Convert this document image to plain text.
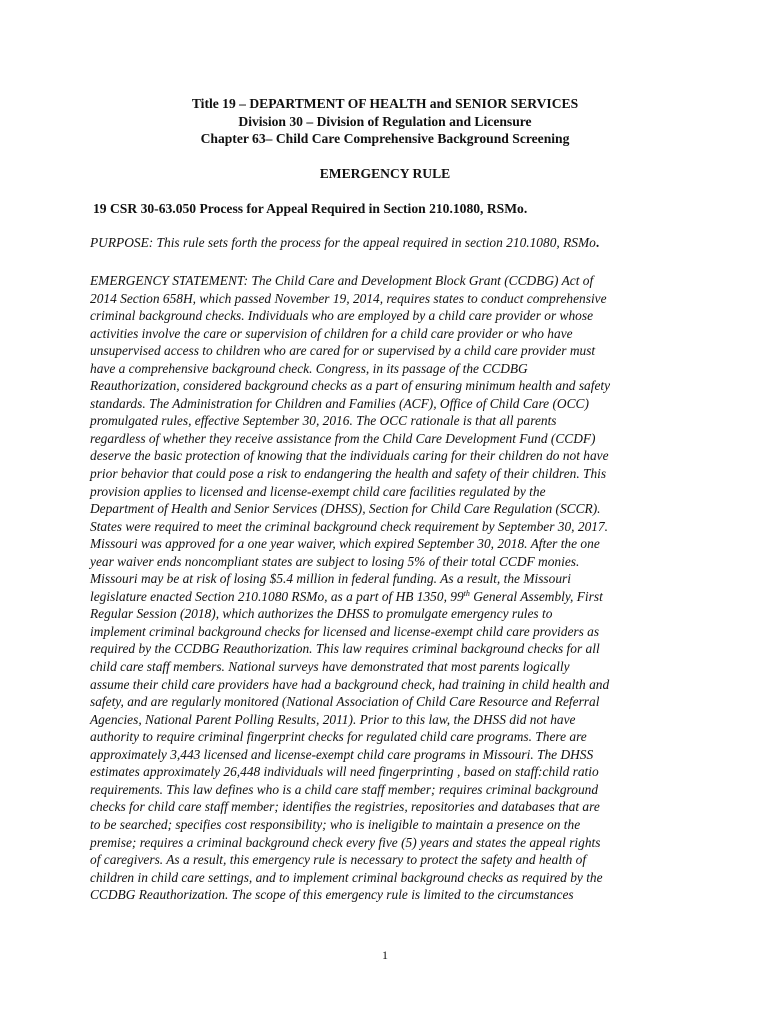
Title 19 – DEPARTMENT OF HEALTH and SENIOR SERVICES
Division 30 – Division of Regulation and Licensure
Chapter 63– Child Care Comprehensive Background Screening
EMERGENCY RULE
19 CSR 30-63.050 Process for Appeal Required in Section 210.1080, RSMo.
PURPOSE: This rule sets forth the process for the appeal required in section 210.1080, RSMo.
EMERGENCY STATEMENT: The Child Care and Development Block Grant (CCDBG) Act of
2014 Section 658H, which passed November 19, 2014, requires states to conduct comprehensive
criminal background checks. Individuals who are employed by a child care provider or whose
activities involve the care or supervision of children for a child care provider or who have
unsupervised access to children who are cared for or supervised by a child care provider must
have a comprehensive background check. Congress, in its passage of the CCDBG
Reauthorization, considered background checks as a part of ensuring minimum health and safety
standards. The Administration for Children and Families (ACF), Office of Child Care (OCC)
promulgated rules, effective September 30, 2016. The OCC rationale is that all parents
regardless of whether they receive assistance from the Child Care Development Fund (CCDF)
deserve the basic protection of knowing that the individuals caring for their children do not have
prior behavior that could pose a risk to endangering the health and safety of their children. This
provision applies to licensed and license-exempt child care facilities regulated by the
Department of Health and Senior Services (DHSS), Section for Child Care Regulation (SCCR).
States were required to meet the criminal background check requirement by September 30, 2017.
Missouri was approved for a one year waiver, which expired September 30, 2018. After the one
year waiver ends noncompliant states are subject to losing 5% of their total CCDF monies.
Missouri may be at risk of losing $5.4 million in federal funding. As a result, the Missouri
legislature enacted Section 210.1080 RSMo, as a part of HB 1350, 99th General Assembly, First
Regular Session (2018), which authorizes the DHSS to promulgate emergency rules to
implement criminal background checks for licensed and license-exempt child care providers as
required by the CCDBG Reauthorization. This law requires criminal background checks for all
child care staff members. National surveys have demonstrated that most parents logically
assume their child care providers have had a background check, had training in child health and
safety, and are regularly monitored (National Association of Child Care Resource and Referral
Agencies, National Parent Polling Results, 2011). Prior to this law, the DHSS did not have
authority to require criminal fingerprint checks for regulated child care programs. There are
approximately 3,443 licensed and license-exempt child care programs in Missouri. The DHSS
estimates approximately 26,448 individuals will need fingerprinting , based on staff:child ratio
requirements. This law defines who is a child care staff member; requires criminal background
checks for child care staff member; identifies the registries, repositories and databases that are
to be searched; specifies cost responsibility; who is ineligible to maintain a presence on the
premise; requires a criminal background check every five (5) years and states the appeal rights
of caregivers. As a result, this emergency rule is necessary to protect the safety and health of
children in child care settings, and to implement criminal background checks as required by the
CCDBG Reauthorization. The scope of this emergency rule is limited to the circumstances
1
